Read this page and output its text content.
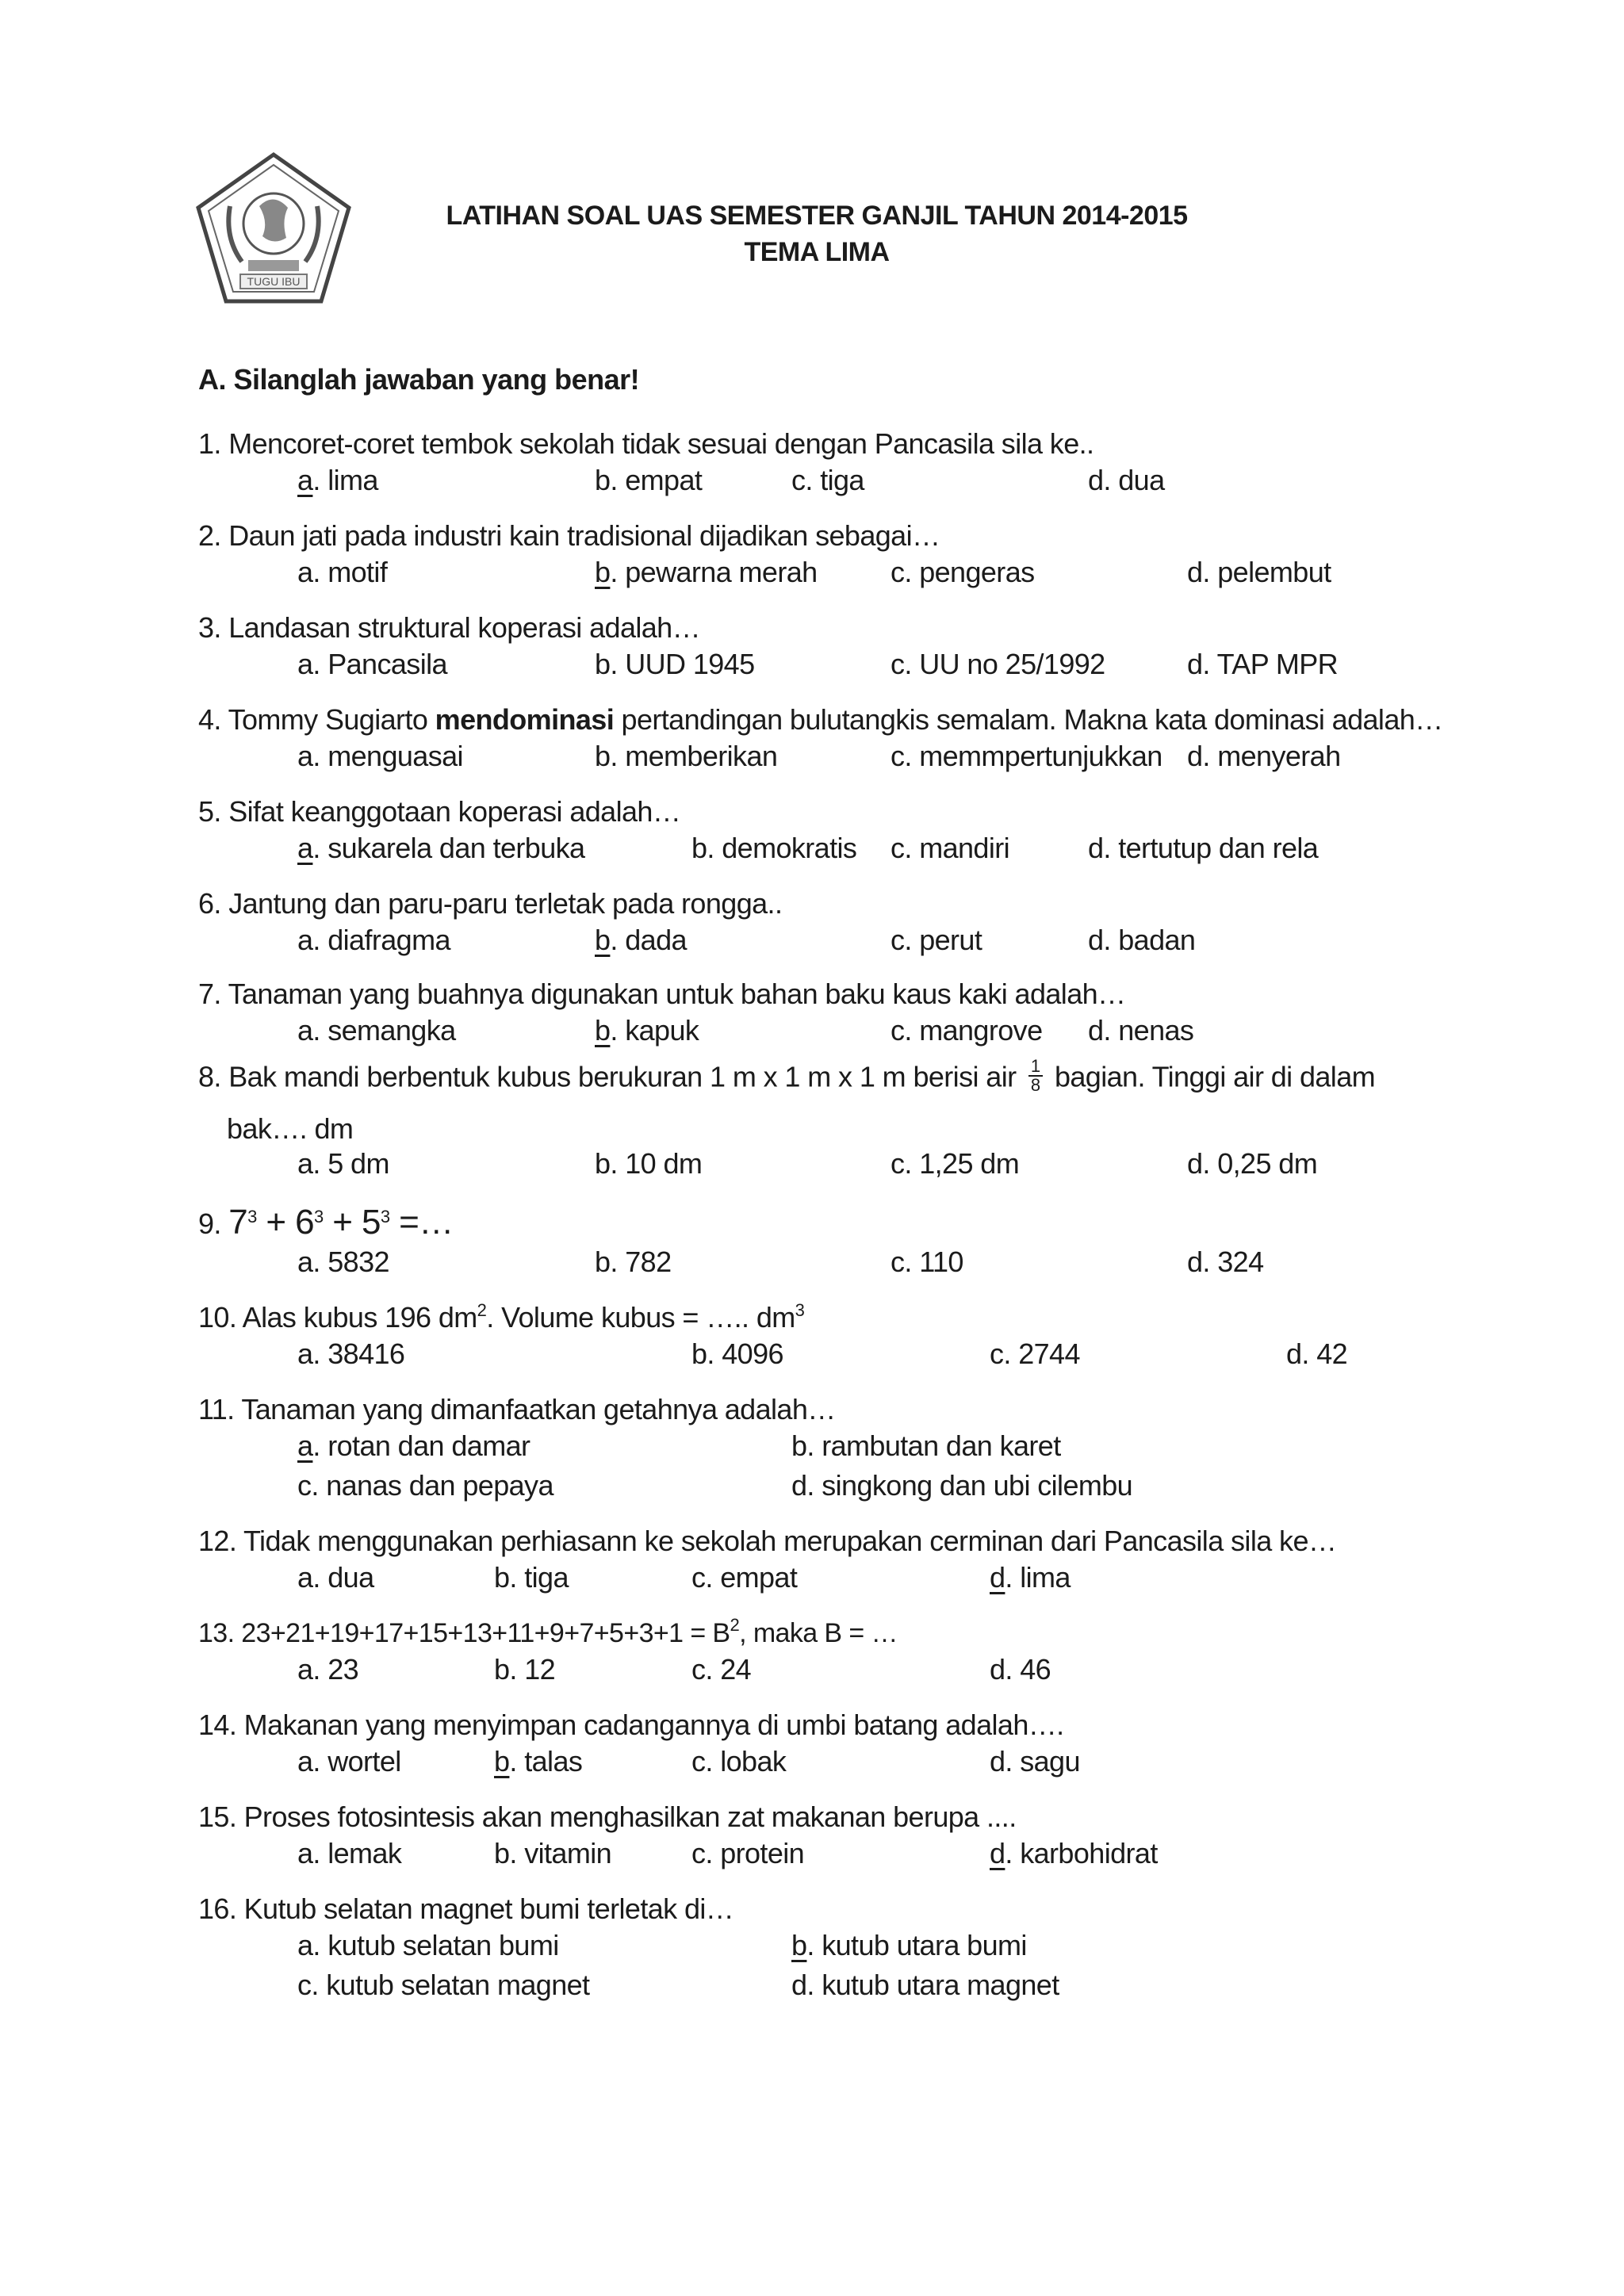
TUGU IBU
LATIHAN SOAL UAS SEMESTER GANJIL TAHUN 2014-2015
TEMA LIMA
A. Silanglah jawaban yang benar!
1. Mencoret-coret tembok sekolah tidak sesuai dengan Pancasila sila ke..
a. lima	b. empat	c. tiga	d. dua
2. Daun jati pada industri kain tradisional dijadikan sebagai…
a. motif	b. pewarna merah	c. pengeras	d. pelembut
3. Landasan struktural koperasi adalah…
a. Pancasila	b. UUD 1945	c. UU no 25/1992	d. TAP MPR
4. Tommy Sugiarto mendominasi pertandingan bulutangkis semalam. Makna kata dominasi adalah…
a. menguasai	b. memberikan	c. memmpertunjukkan d. menyerah
5. Sifat keanggotaan koperasi adalah…
a. sukarela dan terbuka	b. demokratis c. mandiri	d. tertutup dan rela
6. Jantung dan paru-paru terletak pada rongga..
a. diafragma	b. dada	c. perut	d. badan
7. Tanaman yang buahnya digunakan untuk bahan baku kaus kaki adalah…
a. semangka	b. kapuk	c. mangrove d. nenas
8. Bak mandi berbentuk kubus berukuran 1 m x 1 m x 1 m berisi air $\frac{1}{8}$ bagian. Tinggi air di dalam
bak…. dm
a. 5 dm	b. 10 dm	c. 1,25 dm	d. 0,25 dm
9. $7^3 + 6^3 + 5^3$ =…
a. 5832	b. 782	c. 110	d. 324
10. Alas kubus 196 $dm^2$. Volume kubus = ….. $dm^3$
a. 38416	b. 4096	c. 2744	d. 42
11. Tanaman yang dimanfaatkan getahnya adalah…
a. rotan dan damar	b. rambutan dan karet
c. nanas dan pepaya	d. singkong dan ubi cilembu
12. Tidak menggunakan perhiasann ke sekolah merupakan cerminan dari Pancasila sila ke…
a. dua	b. tiga	c. empat	d. lima
13. $23+21+19+17+15+13+11+9+7+5+3+1 = B^2$, maka B = …
a. 23	b. 12	c. 24	d. 46
14. Makanan yang menyimpan cadangannya di umbi batang adalah….
a. wortel	b. talas	c. lobak	d. sagu
15. Proses fotosintesis akan menghasilkan zat makanan berupa ....
a. lemak	b. vitamin	c. protein	d. karbohidrat
16. Kutub selatan magnet bumi terletak di…
a. kutub selatan bumi	b. kutub utara bumi
c. kutub selatan magnet	d. kutub utara magnet
